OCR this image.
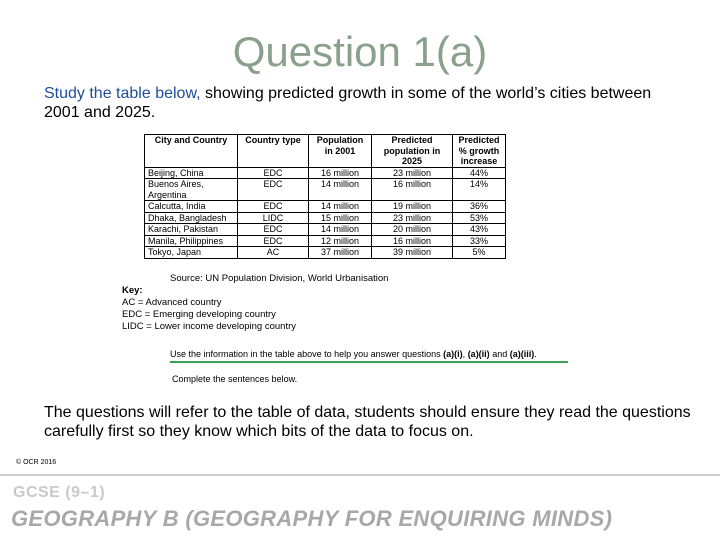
Question 1(a)
Study the table below, showing predicted growth in some of the world’s cities between 2001 and 2025.
City and Country	Country type	Population in 2001	Predicted population in 2025	Predicted % growth increase
Beijing, China	EDC	16 million	23 million	44%
Buenos Aires, Argentina	EDC	14 million	16 million	14%
Calcutta, India	EDC	14 million	19 million	36%
Dhaka, Bangladesh	LIDC	15 million	23 million	53%
Karachi, Pakistan	EDC	14 million	20 million	43%
Manila, Philippines	EDC	12 million	16 million	33%
Tokyo, Japan	AC	37 million	39 million	5%
Source: UN Population Division, World Urbanisation
Key:
AC = Advanced country
EDC = Emerging developing country
LIDC = Lower income developing country
Use the information in the table above to help you answer questions (a)(i), (a)(ii) and (a)(iii).
Complete the sentences below.
The questions will refer to the table of data, students should ensure they read the questions carefully first so they know which bits of the data to focus on.
© OCR 2016
GCSE (9–1)
GEOGRAPHY B (GEOGRAPHY FOR ENQUIRING MINDS)
